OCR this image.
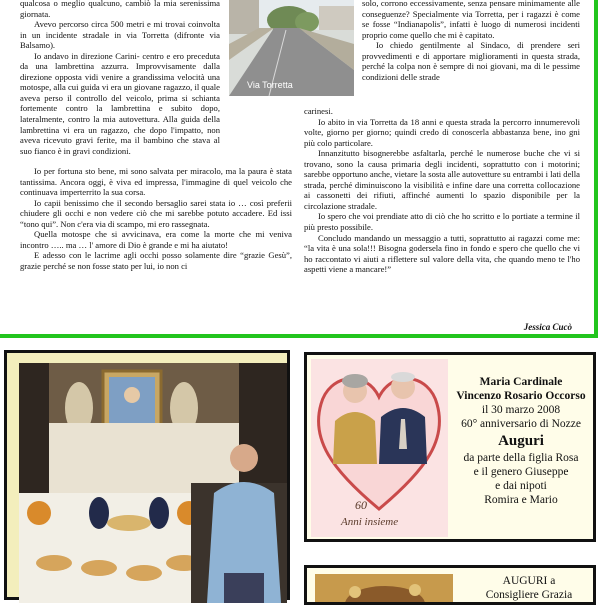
qualcosa o meglio qualcuno, cambiò la mia serenissima giornata.

Avevo percorso circa 500 metri e mi trovai coinvolta in un incidente stradale in via Torretta (difronte via Balsamo).

Io andavo in direzione Carini- centro e ero preceduta da una lambrettina azzurra. Improvvisamente dalla direzione opposta vidi venire a grandissima velocità una motospe, alla cui guida vi era un giovane ragazzo, il quale aveva perso il controllo del veicolo, prima si schianta fortemente contro la lambrettina e subito dopo, lateralmente, contro la mia autovettura. Alla guida della lambrettina vi era un ragazzo, che dopo l'impatto, non aveva ricevuto gravi ferite, ma il bambino che stava al suo fianco è in gravi condizioni.

Via Torretta

solo, corrono eccessivamente, senza pensare minimamente alle conseguenze? Specialmente via Torretta, per i ragazzi è come se fosse “Indianapolis”, infatti è luogo di numerosi incidenti proprio come quello che mi è capitato.

Io chiedo gentilmente al Sindaco, di prendere seri provvedimenti e di apportare miglioramenti in questa strada, perché la colpa non è sempre di noi giovani, ma di le pessime condizioni delle strade

Io per fortuna sto bene, mi sono salvata per miracolo, ma la paura è stata tantissima. Ancora oggi, è viva ed impressa, l'immagine di quel veicolo che continuava imperterrito la sua corsa.

Io capii benissimo che il secondo bersaglio sarei stata io … così preferii chiudere gli occhi e non vedere ciò che mi sarebbe potuto accadere. Ed issi “tono qui”. Non c'era via di scampo, mi ero rassegnata.

Quella motospe che si avvicinava, era come la morte che mi veniva incontro ….. ma … l' amore di Dio è grande e mi ha aiutato!

E adesso con le lacrime agli occhi posso solamente dire “grazie Gesù”, grazie perché se non fosse stato per lui, io non ci

carinesi.

Io abito in via Torretta da 18 anni e questa strada la percorro innumerevoli volte, giorno per giorno; quindi credo di conoscerla abbastanza bene, ino gni più colo particolare.

Innanzitutto bisognerebbe asfaltarla, perché le numerose buche che vi si trovano, sono la causa primaria degli incidenti, soprattutto con i motorini; sarebbe opportuno anche, vietare la sosta alle autovetture su entrambi i lati della strada, perché diminuiscono la visibilità e infine dare una corretta collocazione ai cassonetti dei rifiuti, affinché aumenti lo spazio disponibile per la circolazione stradale.

Io spero che voi prendiate atto di ciò che ho scritto e lo portiate a termine il più presto possibile.

Concludo mandando un messaggio a tutti, soprattutto ai ragazzi come me: “la vita è una sola!!! Bisogna godersela fino in fondo e spero che quello che vi ho raccontato vi aiuti a riflettere sul valore della vita, che quando meno te l'ho aspetti viene a mancare!”

Jessica Cucò
60
Anni insieme
Maria Cardinale
Vincenzo Rosario Occorso
il 30 marzo 2008
60° anniversario di Nozze
Auguri
da parte della figlia Rosa
e il genero Giuseppe
e dai nipoti
Romira e Mario
AUGURI a
Consigliere Grazia
